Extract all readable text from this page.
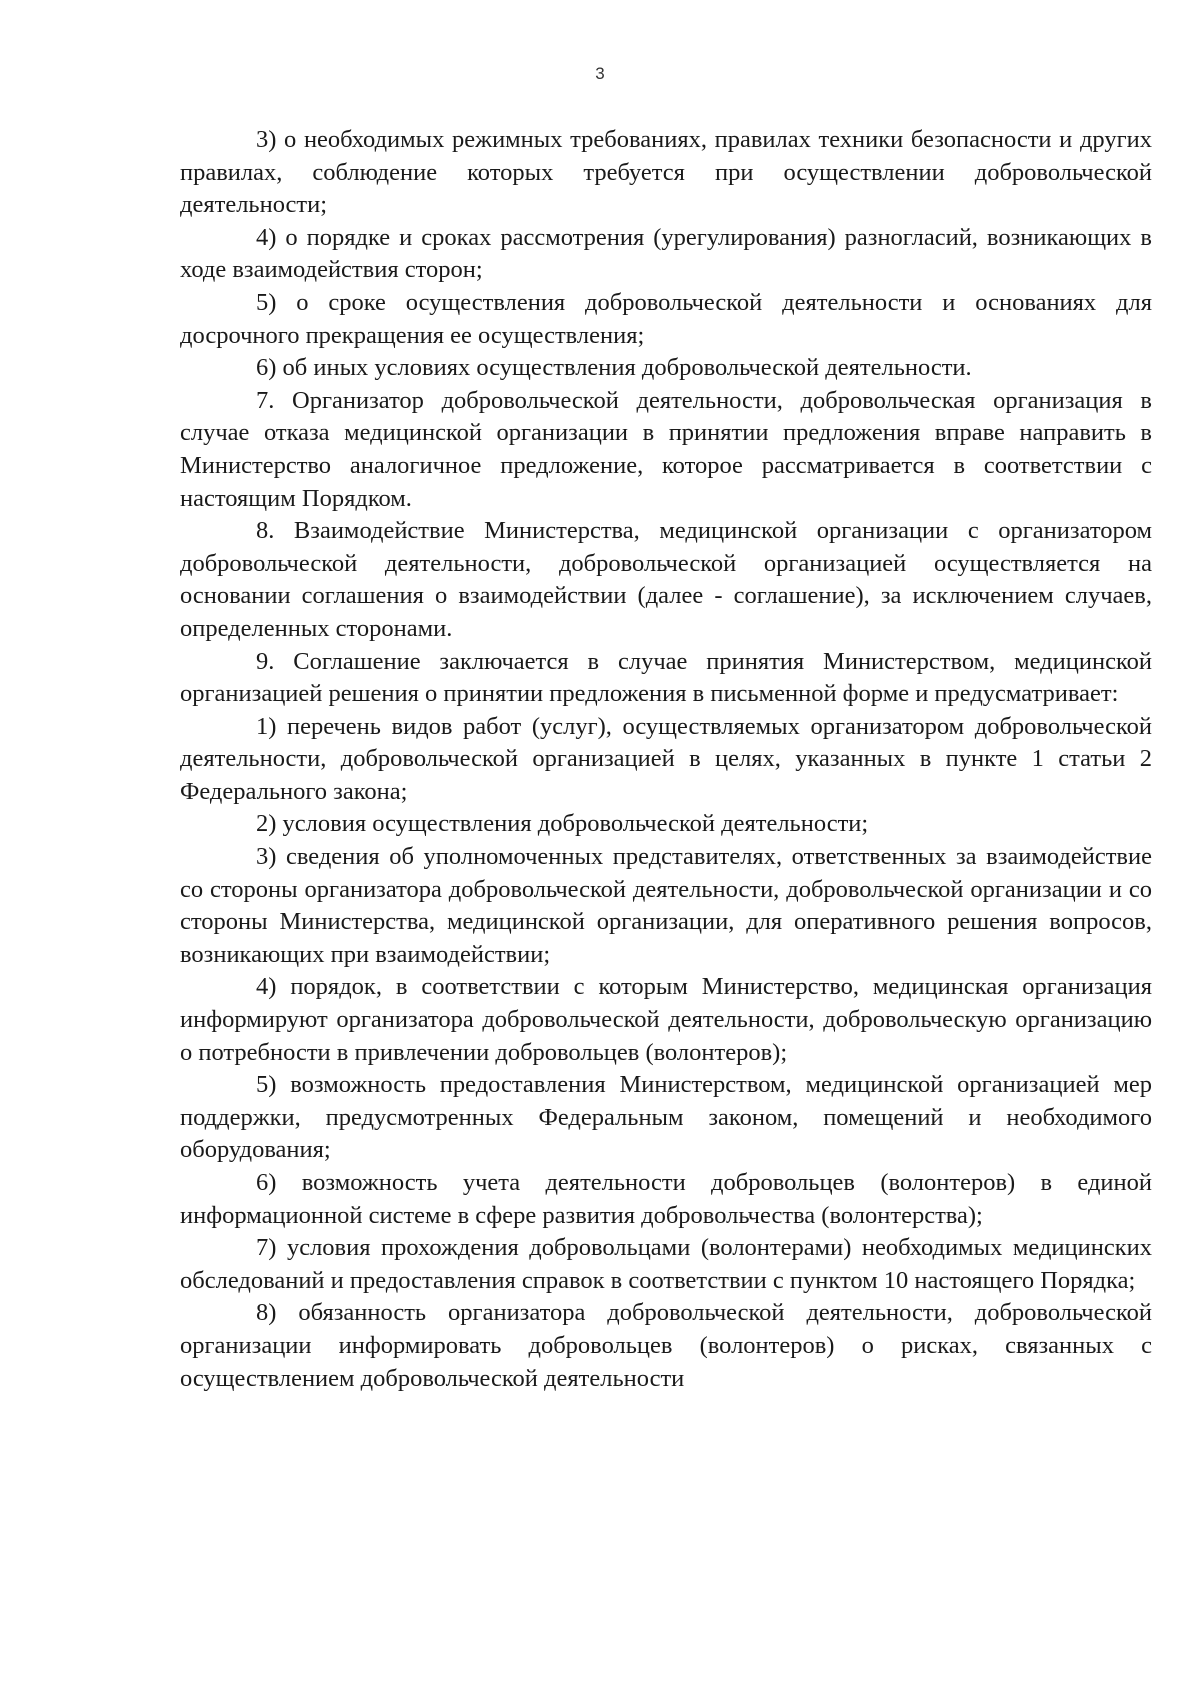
3

3) о необходимых режимных требованиях, правилах техники безопасности и других правилах, соблюдение которых требуется при осуществлении добровольческой деятельности;

4) о порядке и сроках рассмотрения (урегулирования) разногласий, возникающих в ходе взаимодействия сторон;

5) о сроке осуществления добровольческой деятельности и основаниях для досрочного прекращения ее осуществления;

6) об иных условиях осуществления добровольческой деятельности.

7. Организатор добровольческой деятельности, добровольческая организация в случае отказа медицинской организации в принятии предложения вправе направить в Министерство аналогичное предложение, которое рассматривается в соответствии с настоящим Порядком.

8. Взаимодействие Министерства, медицинской организации с организатором добровольческой деятельности, добровольческой организацией осуществляется на основании соглашения о взаимодействии (далее - соглашение), за исключением случаев, определенных сторонами.

9. Соглашение заключается в случае принятия Министерством, медицинской организацией решения о принятии предложения в письменной форме и предусматривает:

1) перечень видов работ (услуг), осуществляемых организатором добровольческой деятельности, добровольческой организацией в целях, указанных в пункте 1 статьи 2 Федерального закона;

2) условия осуществления добровольческой деятельности;

3) сведения об уполномоченных представителях, ответственных за взаимодействие со стороны организатора добровольческой деятельности, добровольческой организации и со стороны Министерства, медицинской организации, для оперативного решения вопросов, возникающих при взаимодействии;

4) порядок, в соответствии с которым Министерство, медицинская организация информируют организатора добровольческой деятельности, добровольческую организацию о потребности в привлечении добровольцев (волонтеров);

5) возможность предоставления Министерством, медицинской организацией мер поддержки, предусмотренных Федеральным законом, помещений и необходимого оборудования;

6) возможность учета деятельности добровольцев (волонтеров) в единой информационной системе в сфере развития добровольчества (волонтерства);

7) условия прохождения добровольцами (волонтерами) необходимых медицинских обследований и предоставления справок в соответствии с пунктом 10 настоящего Порядка;

8) обязанность организатора добровольческой деятельности, добровольческой организации информировать добровольцев (волонтеров) о рисках, связанных с осуществлением добровольческой деятельности
